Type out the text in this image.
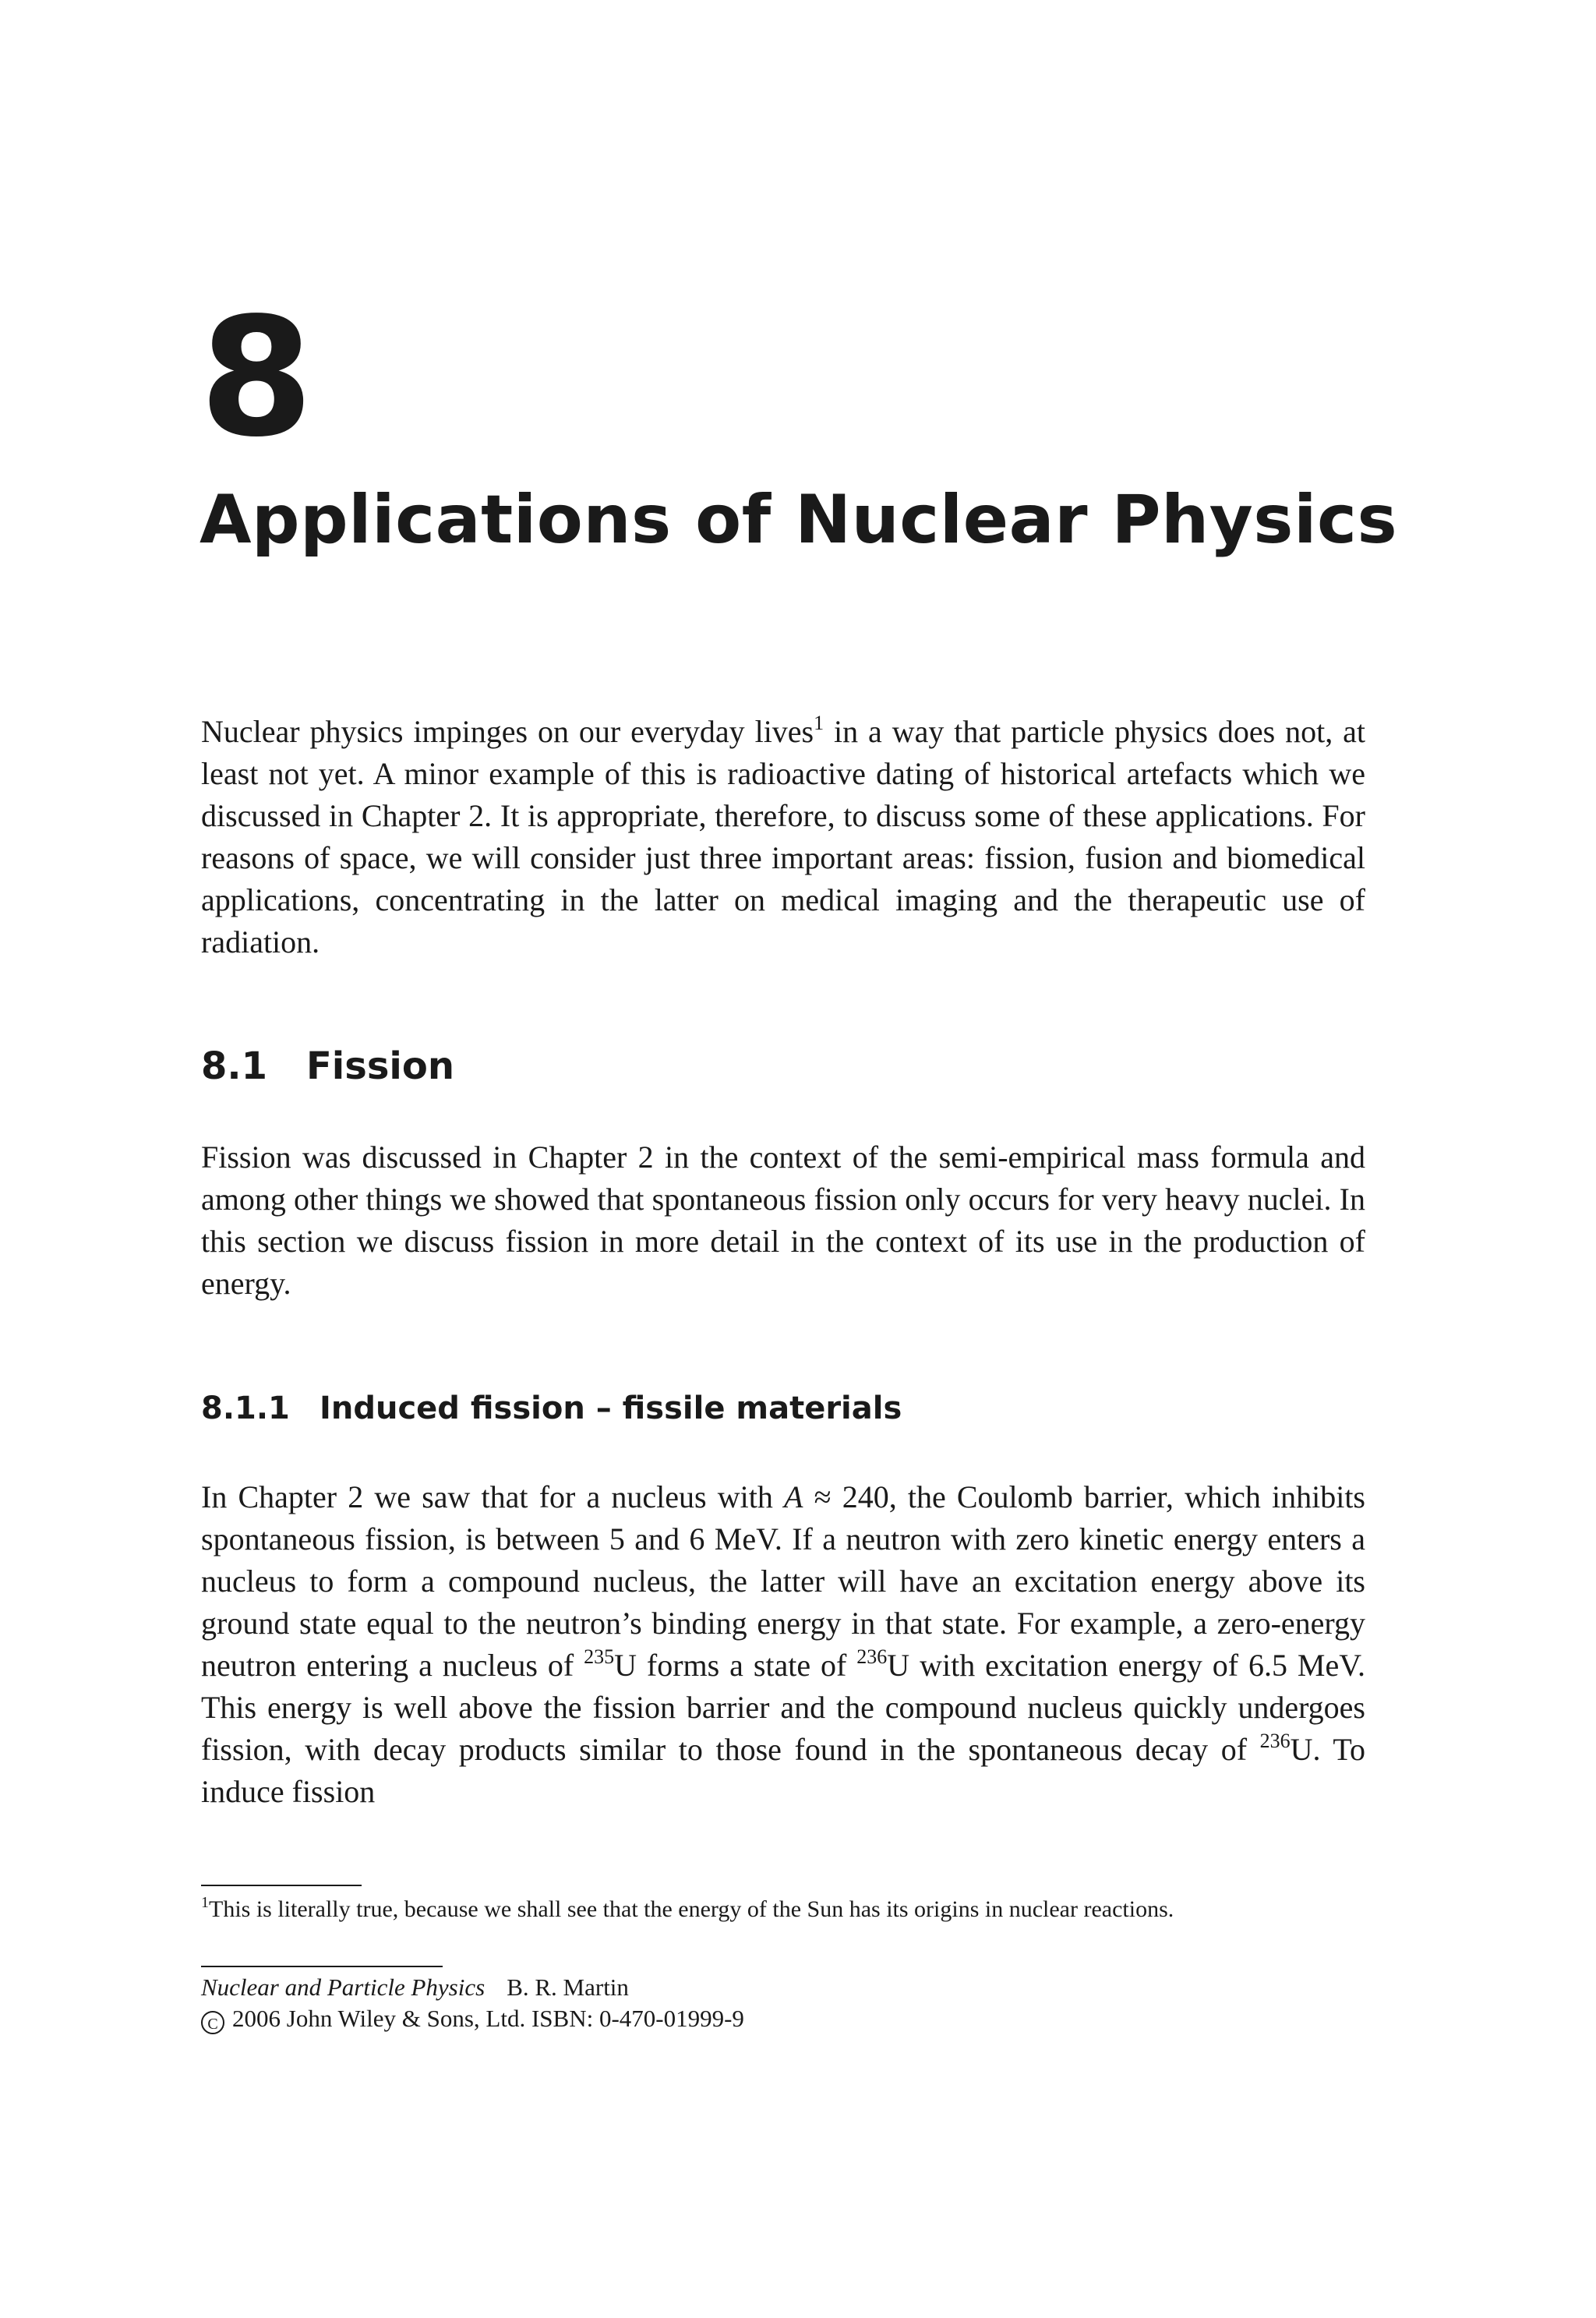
8
Applications of Nuclear Physics

Nuclear physics impinges on our everyday lives$^1$ in a way that particle physics does not, at least not yet. A minor example of this is radioactive dating of historical artefacts which we discussed in Chapter 2. It is appropriate, therefore, to discuss some of these applications. For reasons of space, we will consider just three important areas: fission, fusion and biomedical applications, concentrating in the latter on medical imaging and the therapeutic use of radiation.

8.1 Fission

Fission was discussed in Chapter 2 in the context of the semi-empirical mass formula and among other things we showed that spontaneous fission only occurs for very heavy nuclei. In this section we discuss fission in more detail in the context of its use in the production of energy.

8.1.1 Induced fission – fissile materials

In Chapter 2 we saw that for a nucleus with A ≈ 240, the Coulomb barrier, which inhibits spontaneous fission, is between 5 and 6 MeV. If a neutron with zero kinetic energy enters a nucleus to form a compound nucleus, the latter will have an excitation energy above its ground state equal to the neutron’s binding energy in that state. For example, a zero-energy neutron entering a nucleus of $^{235}$U forms a state of $^{236}$U with excitation energy of 6.5 MeV. This energy is well above the fission barrier and the compound nucleus quickly undergoes fission, with decay products similar to those found in the spontaneous decay of $^{236}$U. To induce fission

$^1$This is literally true, because we shall see that the energy of the Sun has its origins in nuclear reactions.

Nuclear and Particle Physics B. R. Martin
C 2006 John Wiley & Sons, Ltd. ISBN: 0-470-01999-9
